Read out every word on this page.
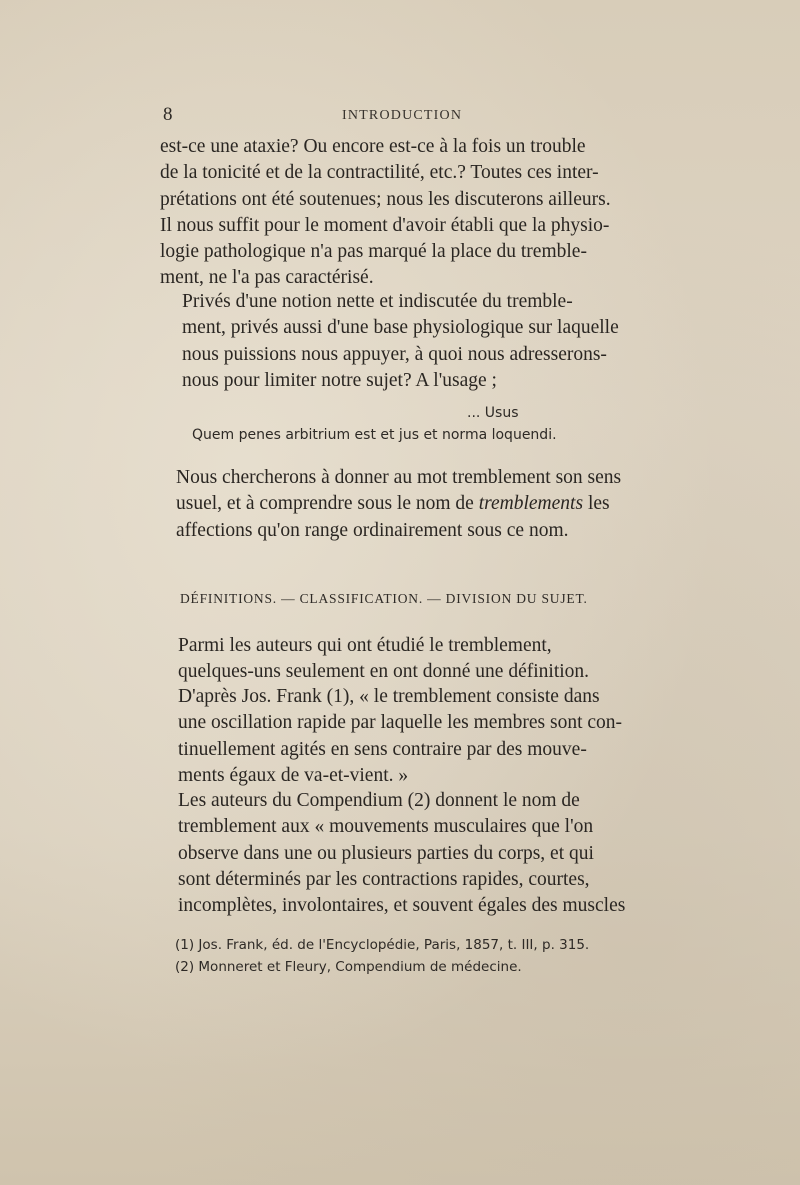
8	INTRODUCTION
est-ce une ataxie? Ou encore est-ce à la fois un trouble
de la tonicité et de la contractilité, etc.? Toutes ces inter-
prétations ont été soutenues; nous les discuterons ailleurs.
Il nous suffit pour le moment d'avoir établi que la physio-
logie pathologique n'a pas marqué la place du tremble-
ment, ne l'a pas caractérisé.
Privés d'une notion nette et indiscutée du tremble-
ment, privés aussi d'une base physiologique sur laquelle
nous puissions nous appuyer, à quoi nous adresserons-
nous pour limiter notre sujet? A l'usage ;
... Usus
Quem penes arbitrium est et jus et norma loquendi.
Nous chercherons à donner au mot tremblement son sens
usuel, et à comprendre sous le nom de tremblements les
affections qu'on range ordinairement sous ce nom.
DÉFINITIONS. — CLASSIFICATION. — DIVISION DU SUJET.
Parmi les auteurs qui ont étudié le tremblement,
quelques-uns seulement en ont donné une définition.
D'après Jos. Frank (1), « le tremblement consiste dans
une oscillation rapide par laquelle les membres sont con-
tinuellement agités en sens contraire par des mouve-
ments égaux de va-et-vient. »
Les auteurs du Compendium (2) donnent le nom de
tremblement aux « mouvements musculaires que l'on
observe dans une ou plusieurs parties du corps, et qui
sont déterminés par les contractions rapides, courtes,
incomplètes, involontaires, et souvent égales des muscles
(1) Jos. Frank, éd. de l'Encyclopédie, Paris, 1857, t. III, p. 315.
(2) Monneret et Fleury, Compendium de médecine.
